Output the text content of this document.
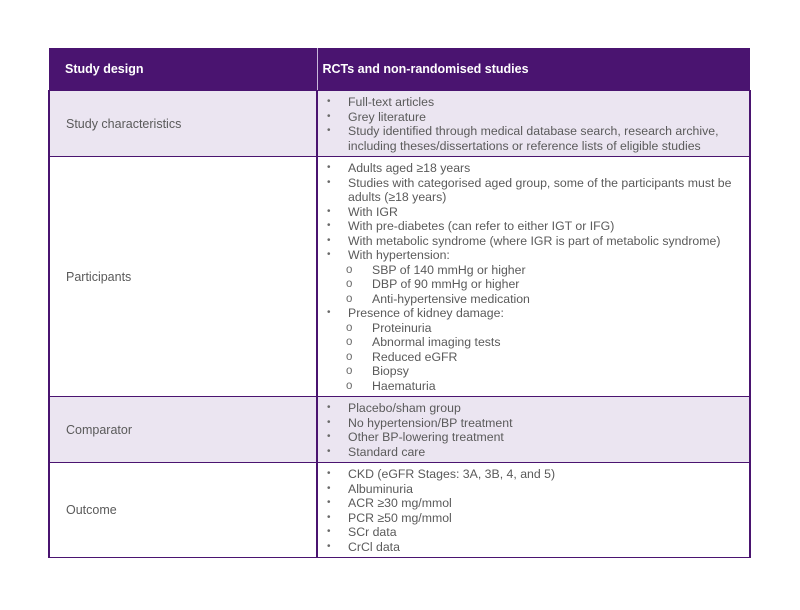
Study design	RCTs and non-randomised studies
Study characteristics	
• Full-text articles
• Grey literature
• Study identified through medical database search, research archive, including theses/dissertations or reference lists of eligible studies

Participants	
• Adults aged ≥18 years
• Studies with categorised aged group, some of the participants must be adults (≥18 years)
• With IGR
• With pre-diabetes (can refer to either IGT or IFG)
• With metabolic syndrome (where IGR is part of metabolic syndrome)
• With hypertension:
o SBP of 140 mmHg or higher
o DBP of 90 mmHg or higher
o Anti-hypertensive medication
• Presence of kidney damage:
o Proteinuria
o Abnormal imaging tests
o Reduced eGFR
o Biopsy
o Haematuria

Comparator	
• Placebo/sham group
• No hypertension/BP treatment
• Other BP-lowering treatment
• Standard care

Outcome	
• CKD (eGFR Stages: 3A, 3B, 4, and 5)
• Albuminuria
• ACR ≥30 mg/mmol
• PCR ≥50 mg/mmol
• SCr data
• CrCl data
